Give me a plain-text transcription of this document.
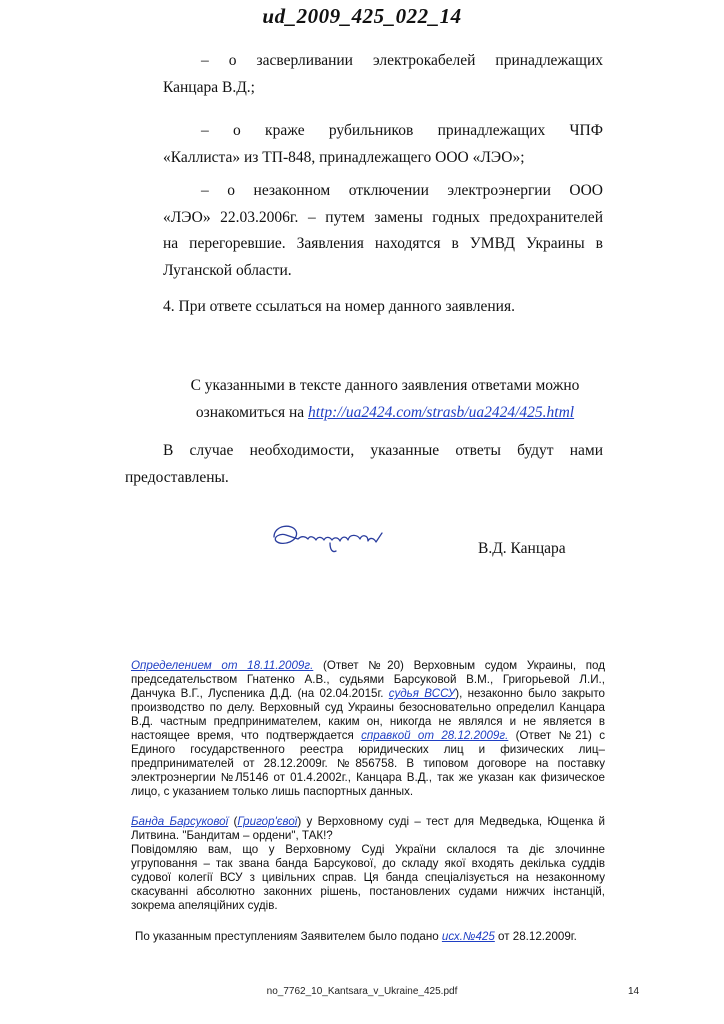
ud_2009_425_022_14
– о засверливании электрокабелей принадлежащих
Канцара В.Д.;
– о краже рубильников принадлежащих ЧПФ
«Каллиста» из ТП-848, принадлежащего ООО «ЛЭО»;
– о незаконном отключении электроэнергии ООО
«ЛЭО» 22.03.2006г. – путем замены годных предохранителей
на перегоревшие. Заявления находятся в УМВД Украины в
Луганской области.
4. При ответе ссылаться на номер данного заявления.
С указанными в тексте данного заявления ответами можно
ознакомиться на http://ua2424.com/strasb/ua2424/425.html
В случае необходимости, указанные ответы будут нами
предоставлены.
В.Д. Канцара
Определением от 18.11.2009г. (Ответ №20) Верховным судом Украины, под
председательством Гнатенко А.В., судьями Барсуковой В.М., Григорьевой Л.И.,
Данчука В.Г., Луспеника Д.Д. (на 02.04.2015г. судья ВССУ), незаконно было закрыто
производство по делу. Верховный суд Украины безосновательно определил Канцара
В.Д. частным предпринимателем, каким он, никогда не являлся и не является в
настоящее время, что подтверждается справкой от 28.12.2009г. (Ответ №21) с
Единого государственного реестра юридических лиц и физических лиц–
предпринимателей от 28.12.2009г. №856758. В типовом договоре на поставку
электроэнергии №Л5146 от 01.4.2002г., Канцара В.Д., так же указан как физическое
лицо, с указанием только лишь паспортных данных.
Банда Барсукової (Григор'євої) у Верховному суді – тест для Медведька, Ющенка й
Литвина. "Бандитам – ордени", ТАК!?
Повідомляю вам, що у Верховному Суді України склалося та діє злочинне
угруповання – так звана банда Барсукової, до складу якої входять декілька суддів
судової колегії ВСУ з цивільних справ. Ця банда спеціалізується на незаконному
скасуванні абсолютно законних рішень, постановлених судами нижчих інстанцій,
зокрема апеляційних судів.
По указанным преступлениям Заявителем было подано исх.№425 от 28.12.2009г.
no_7762_10_Kantsara_v_Ukraine_425.pdf	14
